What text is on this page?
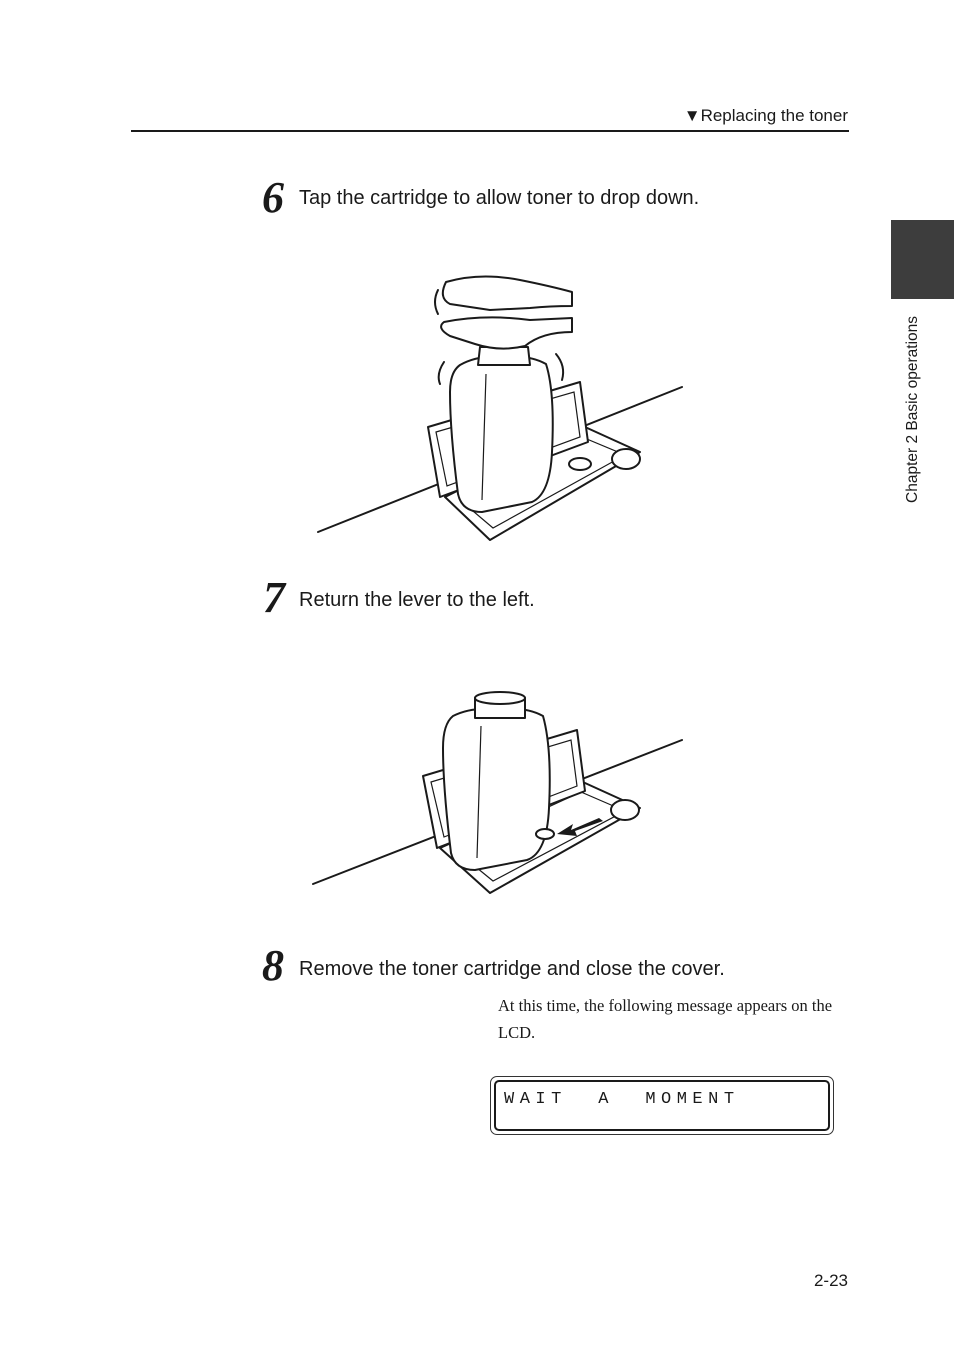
▼Replacing the toner
Chapter 2 Basic operations
6 Tap the cartridge to allow toner to drop down.
7 Return the lever to the left.
8 Remove the toner cartridge and close the cover.
At this time, the following message appears on the LCD.
WAIT  A  MOMENT
2-23
